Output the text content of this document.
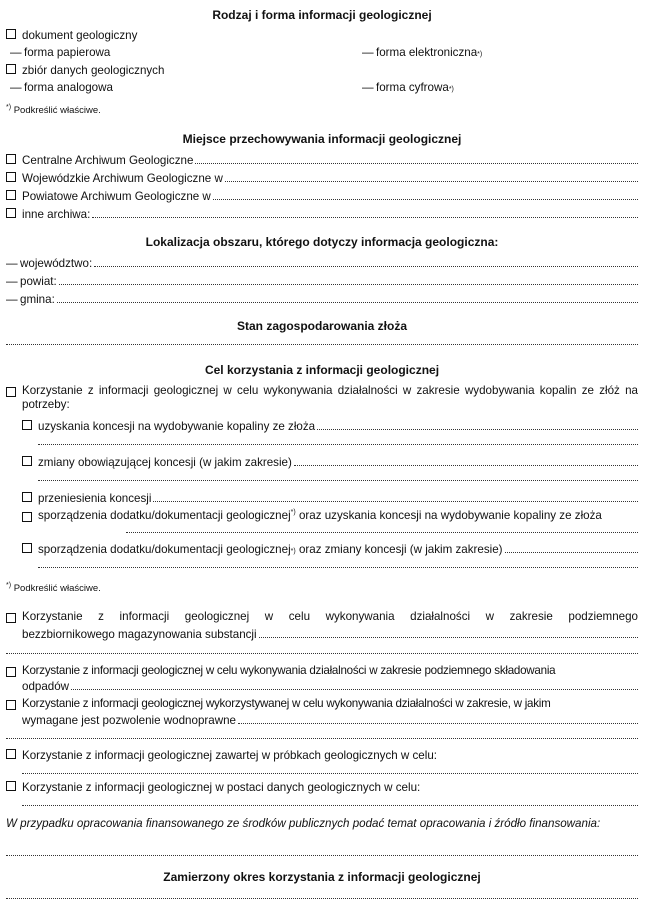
Rodzaj i forma informacji geologicznej

dokument geologiczny
— forma papierowa	— forma elektroniczna *)
zbiór danych geologicznych
— forma analogowa	— forma cyfrowa *)
*) Podkreślić właściwe.

Miejsce przechowywania informacji geologicznej

Centralne Archiwum Geologiczne
Wojewódzkie Archiwum Geologiczne w
Powiatowe Archiwum Geologiczne w
inne archiwa:

Lokalizacja obszaru, którego dotyczy informacja geologiczna:

— województwo:
— powiat:
— gmina:

Stan zagospodarowania złoża

Cel korzystania z informacji geologicznej

Korzystanie z informacji geologicznej w celu wykonywania działalności w zakresie wydobywania kopalin ze złóż na potrzeby:
uzyskania koncesji na wydobywanie kopaliny ze złoża
zmiany obowiązującej koncesji (w jakim zakresie)
przeniesienia koncesji
sporządzenia dodatku/dokumentacji geologicznej*) oraz uzyskania koncesji na wydobywanie kopaliny ze złoża
sporządzenia dodatku/dokumentacji geologicznej *)
oraz zmiany koncesji (w jakim zakresie)
*) Podkreślić właściwe.
Korzystanie z informacji geologicznej w celu wykonywania działalności w zakresie podziemnego
bezzbiornikowego magazynowania substancji
Korzystanie z informacji geologicznej w celu wykonywania działalności w zakresie podziemnego składowania
odpadów
Korzystanie z informacji geologicznej wykorzystywanej w celu wykonywania działalności w zakresie, w jakim
wymagane jest pozwolenie wodnoprawne
Korzystanie z informacji geologicznej zawartej w próbkach geologicznych w celu:
Korzystanie z informacji geologicznej w postaci danych geologicznych w celu:
W przypadku opracowania finansowanego ze środków publicznych podać temat opracowania i źródło finansowania:

Zamierzony okres korzystania z informacji geologicznej
